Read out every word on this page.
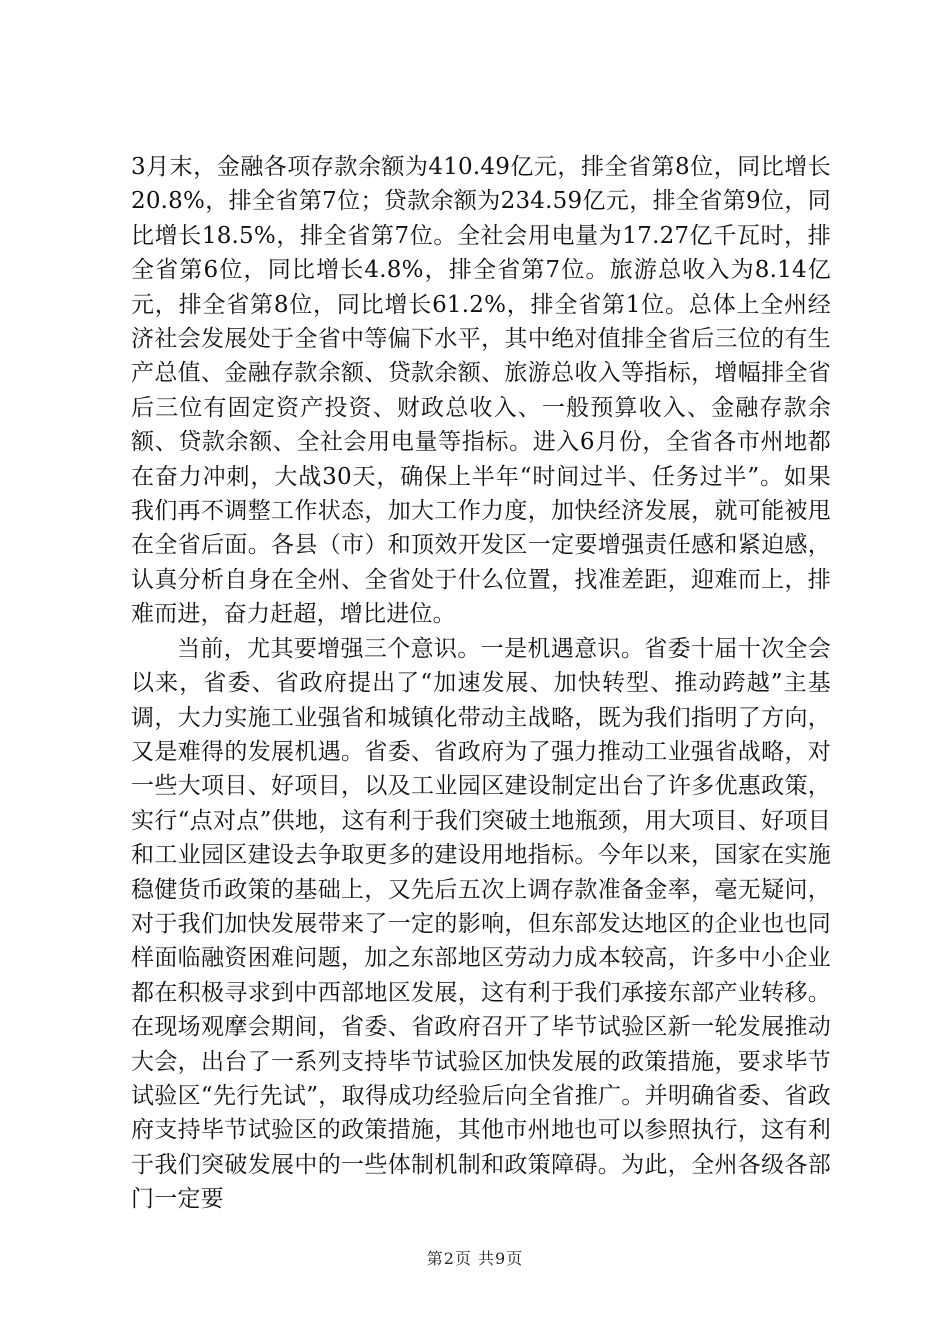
3月末，金融各项存款余额为410.49亿元，排全省第8位，同比增长20.8%，排全省第7位；贷款余额为234.59亿元，排全省第9位，同比增长18.5%，排全省第7位。全社会用电量为17.27亿千瓦时，排全省第6位，同比增长4.8%，排全省第7位。旅游总收入为8.14亿元，排全省第8位，同比增长61.2%，排全省第1位。总体上全州经济社会发展处于全省中等偏下水平，其中绝对值排全省后三位的有生产总值、金融存款余额、贷款余额、旅游总收入等指标，增幅排全省后三位有固定资产投资、财政总收入、一般预算收入、金融存款余额、贷款余额、全社会用电量等指标。进入6月份，全省各市州地都在奋力冲刺，大战30天，确保上半年“时间过半、任务过半”。如果我们再不调整工作状态，加大工作力度，加快经济发展，就可能被甩在全省后面。各县（市）和顶效开发区一定要增强责任感和紧迫感，认真分析自身在全州、全省处于什么位置，找准差距，迎难而上，排难而进，奋力赶超，增比进位。

当前，尤其要增强三个意识。一是机遇意识。省委十届十次全会以来，省委、省政府提出了“加速发展、加快转型、推动跨越”主基调，大力实施工业强省和城镇化带动主战略，既为我们指明了方向，又是难得的发展机遇。省委、省政府为了强力推动工业强省战略，对一些大项目、好项目，以及工业园区建设制定出台了许多优惠政策，实行“点对点”供地，这有利于我们突破土地瓶颈，用大项目、好项目和工业园区建设去争取更多的建设用地指标。今年以来，国家在实施稳健货币政策的基础上，又先后五次上调存款准备金率，毫无疑问，对于我们加快发展带来了一定的影响，但东部发达地区的企业也也同样面临融资困难问题，加之东部地区劳动力成本较高，许多中小企业都在积极寻求到中西部地区发展，这有利于我们承接东部产业转移。在现场观摩会期间，省委、省政府召开了毕节试验区新一轮发展推动大会，出台了一系列支持毕节试验区加快发展的政策措施，要求毕节试验区“先行先试”，取得成功经验后向全省推广。并明确省委、省政府支持毕节试验区的政策措施，其他市州地也可以参照执行，这有利于我们突破发展中的一些体制机制和政策障碍。为此，全州各级各部门一定要

第2页 共9页
